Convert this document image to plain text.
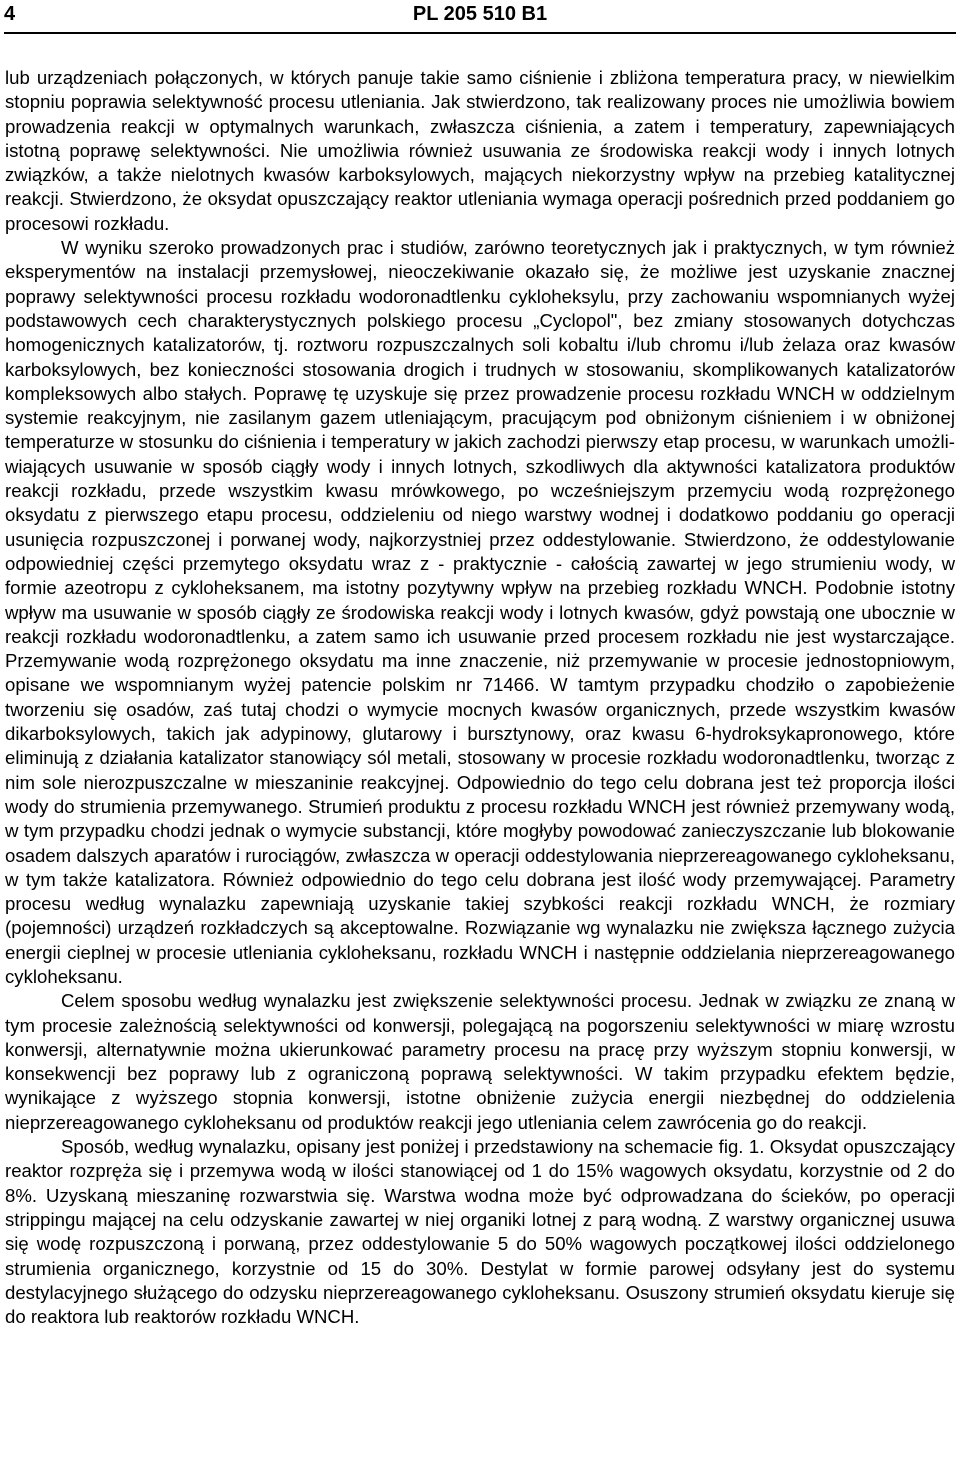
4	PL 205 510 B1

lub urządzeniach połączonych, w których panuje takie samo ciśnienie i zbliżona temperatura pracy, w niewielkim stopniu poprawia selektywność procesu utleniania. Jak stwierdzono, tak realizowany proces nie umożliwia bowiem prowadzenia reakcji w optymalnych warunkach, zwłaszcza ciśnienia, a zatem i temperatury, zapewniających istotną poprawę selektywności. Nie umożliwia również usuwania ze środowiska reakcji wody i innych lotnych związków, a także nielotnych kwasów karboksylowych, mających niekorzystny wpływ na przebieg katalitycznej reakcji. Stwierdzono, że oksydat opuszczający reaktor utleniania wymaga operacji pośrednich przed poddaniem go procesowi rozkładu.

W wyniku szeroko prowadzonych prac i studiów, zarówno teoretycznych jak i praktycznych, w tym również eksperymentów na instalacji przemysłowej, nieoczekiwanie okazało się, że możliwe jest uzyskanie znacznej poprawy selektywności procesu rozkładu wodoronadtlenku cykloheksylu, przy zachowaniu wspomnianych wyżej podstawowych cech charakterystycznych polskiego procesu „Cyclopol", bez zmiany stosowanych dotychczas homogenicznych katalizatorów, tj. roztworu rozpuszczalnych soli kobaltu i/lub chromu i/lub żelaza oraz kwasów karboksylowych, bez konieczności stosowania drogich i trudnych w stosowaniu, skomplikowanych katalizatorów kompleksowych albo stałych. Poprawę tę uzyskuje się przez prowadzenie procesu rozkładu WNCH w oddzielnym systemie reakcyjnym, nie zasilanym gazem utleniającym, pracującym pod obniżonym ciśnieniem i w obniżonej temperaturze w stosunku do ciśnienia i temperatury w jakich zachodzi pierwszy etap procesu, w warunkach umożliwiających usuwanie w sposób ciągły wody i innych lotnych, szkodliwych dla aktywności katalizatora produktów reakcji rozkładu, przede wszystkim kwasu mrówkowego, po wcześniejszym przemyciu wodą rozprężonego oksydatu z pierwszego etapu procesu, oddzieleniu od niego warstwy wodnej i dodatkowo poddaniu go operacji usunięcia rozpuszczonej i porwanej wody, najkorzystniej przez oddestylowanie. Stwierdzono, że oddestylowanie odpowiedniej części przemytego oksydatu wraz z - praktycznie - całością zawartej w jego strumieniu wody, w formie azeotropu z cykloheksanem, ma istotny pozytywny wpływ na przebieg rozkładu WNCH. Podobnie istotny wpływ ma usuwanie w sposób ciągły ze środowiska reakcji wody i lotnych kwasów, gdyż powstają one ubocznie w reakcji rozkładu wodoronadtlenku, a zatem samo ich usuwanie przed procesem rozkładu nie jest wystarczające. Przemywanie wodą rozprężonego oksydatu ma inne znaczenie, niż przemywanie w procesie jednostopniowym, opisane we wspomnianym wyżej patencie polskim nr 71466. W tamtym przypadku chodziło o zapobieżenie tworzeniu się osadów, zaś tutaj chodzi o wymycie mocnych kwasów organicznych, przede wszystkim kwasów dikarboksylowych, takich jak adypinowy, glutarowy i bursztynowy, oraz kwasu 6-hydroksykapronowego, które eliminują z działania katalizator stanowiący sól metali, stosowany w procesie rozkładu wodoronadtlenku, tworząc z nim sole nierozpuszczalne w mieszaninie reakcyjnej. Odpowiednio do tego celu dobrana jest też proporcja ilości wody do strumienia przemywanego. Strumień produktu z procesu rozkładu WNCH jest również przemywany wodą, w tym przypadku chodzi jednak o wymycie substancji, które mogłyby powodować zanieczyszczanie lub blokowanie osadem dalszych aparatów i rurociągów, zwłaszcza w operacji oddestylowania nieprzereagowanego cykloheksanu, w tym także katalizatora. Również odpowiednio do tego celu dobrana jest ilość wody przemywającej. Parametry procesu według wynalazku zapewniają uzyskanie takiej szybkości reakcji rozkładu WNCH, że rozmiary (pojemności) urządzeń rozkładczych są akceptowalne. Rozwiązanie wg wynalazku nie zwiększa łącznego zużycia energii cieplnej w procesie utleniania cykloheksanu, rozkładu WNCH i następnie oddzielania nieprzereagowanego cykloheksanu.

Celem sposobu według wynalazku jest zwiększenie selektywności procesu. Jednak w związku ze znaną w tym procesie zależnością selektywności od konwersji, polegającą na pogorszeniu selektywności w miarę wzrostu konwersji, alternatywnie można ukierunkować parametry procesu na pracę przy wyższym stopniu konwersji, w konsekwencji bez poprawy lub z ograniczoną poprawą selektywności. W takim przypadku efektem będzie, wynikające z wyższego stopnia konwersji, istotne obniżenie zużycia energii niezbędnej do oddzielenia nieprzereagowanego cykloheksanu od produktów reakcji jego utleniania celem zawrócenia go do reakcji.

Sposób, według wynalazku, opisany jest poniżej i przedstawiony na schemacie fig. 1. Oksydat opuszczający reaktor rozpręża się i przemywa wodą w ilości stanowiącej od 1 do 15% wagowych oksydatu, korzystnie od 2 do 8%. Uzyskaną mieszaninę rozwarstwia się. Warstwa wodna może być odprowadzana do ścieków, po operacji strippingu mającej na celu odzyskanie zawartej w niej organiki lotnej z parą wodną. Z warstwy organicznej usuwa się wodę rozpuszczoną i porwaną, przez oddestylowanie 5 do 50% wagowych początkowej ilości oddzielonego strumienia organicznego, korzystnie od 15 do 30%. Destylat w formie parowej odsyłany jest do systemu destylacyjnego służącego do odzysku nieprzereagowanego cykloheksanu. Osuszony strumień oksydatu kieruje się do reaktora lub reaktorów rozkładu WNCH.
